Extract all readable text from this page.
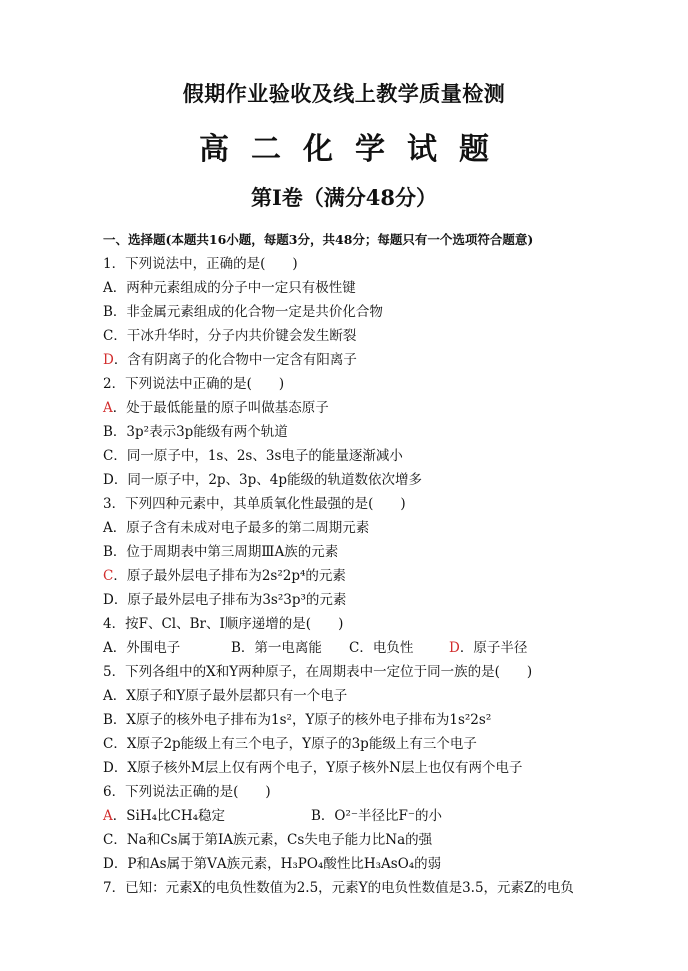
假期作业验收及线上教学质量检测
高二化学试题
第Ⅰ卷（满分48分）
一、选择题(本题共16小题，每题3分，共48分；每题只有一个选项符合题意)
1．下列说法中，正确的是(　　)
A．两种元素组成的分子中一定只有极性键
B．非金属元素组成的化合物一定是共价化合物
C．干冰升华时，分子内共价键会发生断裂
D．含有阴离子的化合物中一定含有阳离子
2．下列说法中正确的是(　　)
A．处于最低能量的原子叫做基态原子
B．3p²表示3p能级有两个轨道
C．同一原子中，1s、2s、3s电子的能量逐渐减小
D．同一原子中，2p、3p、4p能级的轨道数依次增多
3．下列四种元素中，其单质氧化性最强的是(　　)
A．原子含有未成对电子最多的第二周期元素
B．位于周期表中第三周期ⅢA族的元素
C．原子最外层电子排布为2s²2p⁴的元素
D．原子最外层电子排布为3s²3p³的元素
4．按F、Cl、Br、I顺序递增的是(　　)
A．外围电子	B．第一电离能	C．电负性	D．原子半径
5．下列各组中的X和Y两种原子，在周期表中一定位于同一族的是(　　)
A．X原子和Y原子最外层都只有一个电子
B．X原子的核外电子排布为1s²，Y原子的核外电子排布为1s²2s²
C．X原子2p能级上有三个电子，Y原子的3p能级上有三个电子
D．X原子核外M层上仅有两个电子，Y原子核外N层上也仅有两个电子
6．下列说法正确的是(　　)
A．SiH₄比CH₄稳定	B．O²⁻半径比F⁻的小
C．Na和Cs属于第ⅠA族元素，Cs失电子能力比Na的强
D．P和As属于第ⅤA族元素，H₃PO₄酸性比H₃AsO₄的弱
7．已知：元素X的电负性数值为2.5，元素Y的电负性数值是3.5，元素Z的电负
